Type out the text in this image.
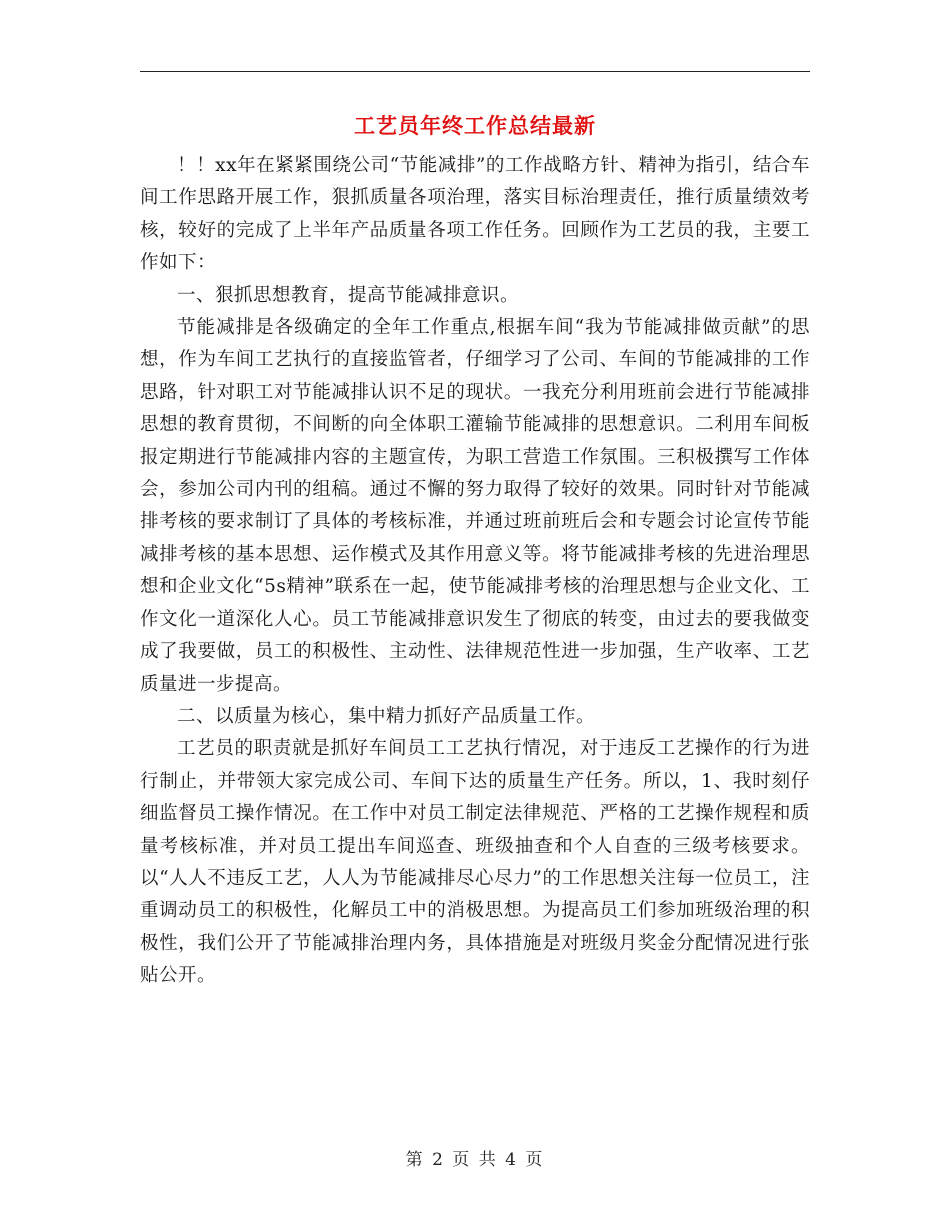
工艺员年终工作总结最新

！！xx年在紧紧围绕公司“节能减排”的工作战略方针、精神为指引，结合车间工作思路开展工作，狠抓质量各项治理，落实目标治理责任，推行质量绩效考核，较好的完成了上半年产品质量各项工作任务。回顾作为工艺员的我，主要工作如下：

一、狠抓思想教育，提高节能减排意识。

节能减排是各级确定的全年工作重点,根据车间“我为节能减排做贡献”的思想，作为车间工艺执行的直接监管者，仔细学习了公司、车间的节能减排的工作思路，针对职工对节能减排认识不足的现状。一我充分利用班前会进行节能减排思想的教育贯彻，不间断的向全体职工灌输节能减排的思想意识。二利用车间板报定期进行节能减排内容的主题宣传，为职工营造工作氛围。三积极撰写工作体会，参加公司内刊的组稿。通过不懈的努力取得了较好的效果。同时针对节能减排考核的要求制订了具体的考核标准，并通过班前班后会和专题会讨论宣传节能减排考核的基本思想、运作模式及其作用意义等。将节能减排考核的先进治理思想和企业文化“5s精神”联系在一起，使节能减排考核的治理思想与企业文化、工作文化一道深化人心。员工节能减排意识发生了彻底的转变，由过去的要我做变成了我要做，员工的积极性、主动性、法律规范性进一步加强，生产收率、工艺质量进一步提高。

二、以质量为核心，集中精力抓好产品质量工作。

工艺员的职责就是抓好车间员工工艺执行情况，对于违反工艺操作的行为进行制止，并带领大家完成公司、车间下达的质量生产任务。所以，1、我时刻仔细监督员工操作情况。在工作中对员工制定法律规范、严格的工艺操作规程和质量考核标准，并对员工提出车间巡查、班级抽查和个人自查的三级考核要求。以“人人不违反工艺，人人为节能减排尽心尽力”的工作思想关注每一位员工，注重调动员工的积极性，化解员工中的消极思想。为提高员工们参加班级治理的积极性，我们公开了节能减排治理内务，具体措施是对班级月奖金分配情况进行张贴公开。

第 2 页 共 4 页
